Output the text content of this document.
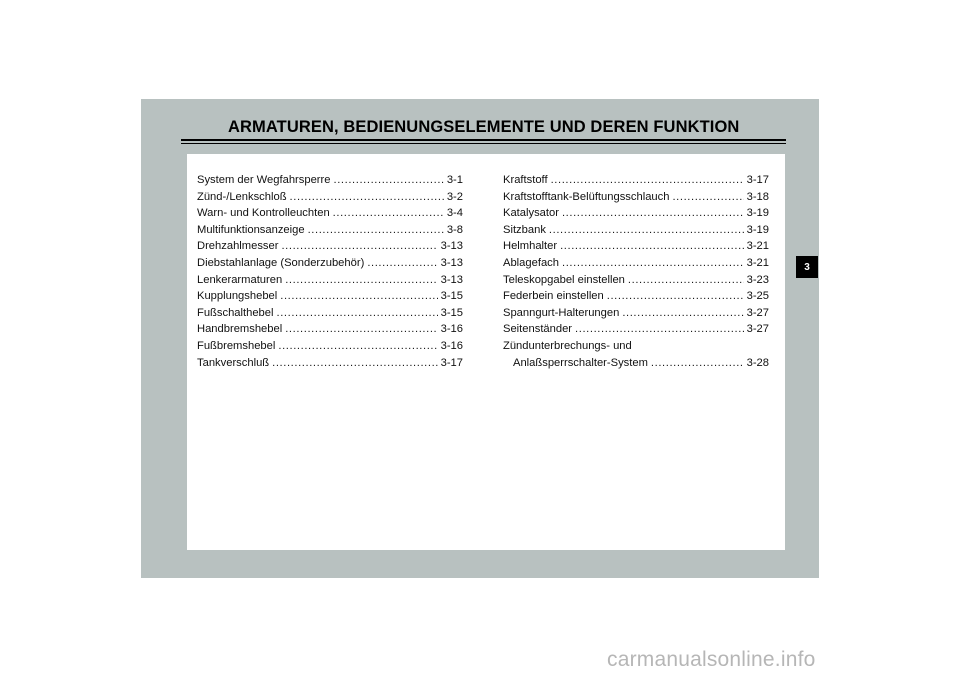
ARMATUREN, BEDIENUNGSELEMENTE UND DEREN FUNKTION
System der Wegfahrsperre .....	3-1
Zünd-/Lenkschloß .....	3-2
Warn- und Kontrolleuchten .....	3-4
Multifunktionsanzeige .....	3-8
Drehzahlmesser .....	3-13
Diebstahlanlage (Sonderzubehör) .....	3-13
Lenkerarmaturen .....	3-13
Kupplungshebel .....	3-15
Fußschalthebel .....	3-15
Handbremshebel .....	3-16
Fußbremshebel .....	3-16
Tankverschluß .....	3-17
Kraftstoff .....	3-17
Kraftstofftank-Belüftungsschlauch .....	3-18
Katalysator .....	3-19
Sitzbank .....	3-19
Helmhalter .....	3-21
Ablagefach .....	3-21
Teleskopgabel einstellen .....	3-23
Federbein einstellen .....	3-25
Spanngurt-Halterungen .....	3-27
Seitenständer .....	3-27
Zündunterbrechungs- und
Anlaßsperrschalter-System .....	3-28
3
carmanualsonline.info
